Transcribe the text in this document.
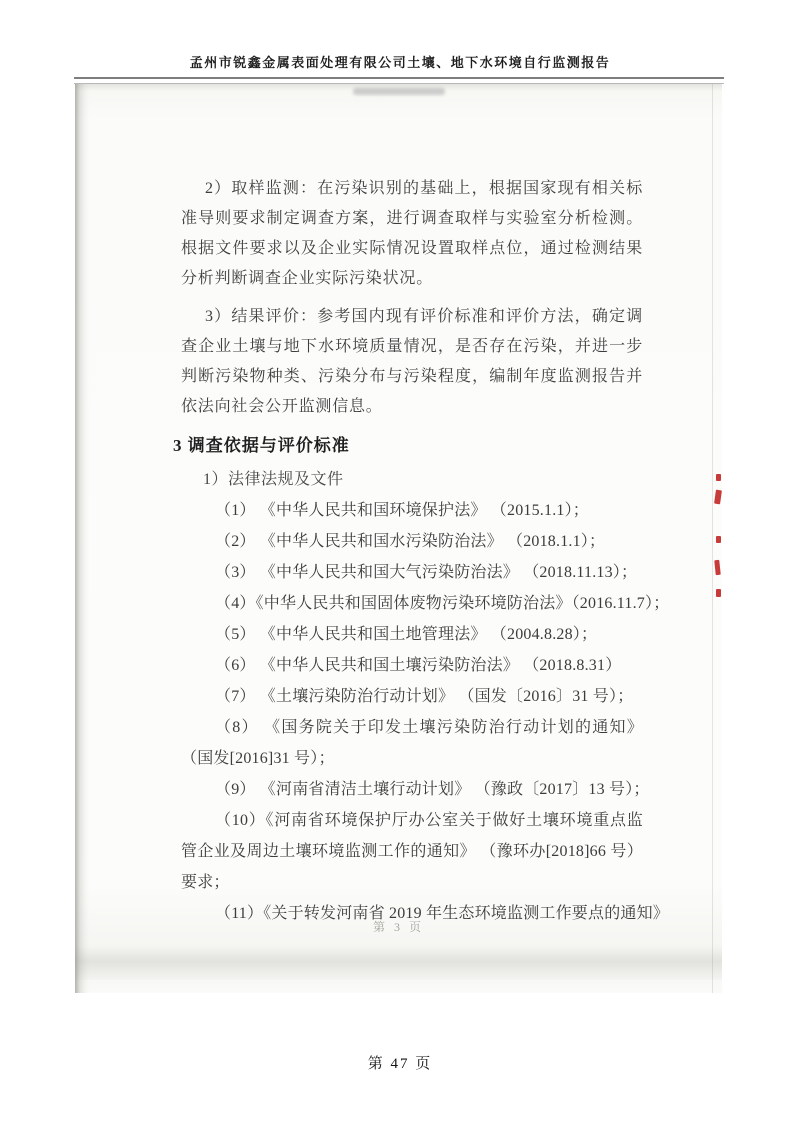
孟州市锐鑫金属表面处理有限公司土壤、地下水环境自行监测报告

2）取样监测：在污染识别的基础上，根据国家现有相关标准导则要求制定调查方案，进行调查取样与实验室分析检测。根据文件要求以及企业实际情况设置取样点位，通过检测结果分析判断调查企业实际污染状况。

3）结果评价：参考国内现有评价标准和评价方法，确定调查企业土壤与地下水环境质量情况，是否存在污染，并进一步判断污染物种类、污染分布与污染程度，编制年度监测报告并依法向社会公开监测信息。

3 调查依据与评价标准
1）法律法规及文件
（1） 《中华人民共和国环境保护法》 （2015.1.1）；
（2） 《中华人民共和国水污染防治法》 （2018.1.1）；
（3） 《中华人民共和国大气污染防治法》 （2018.11.13）；
（4）《中华人民共和国固体废物污染环境防治法》（2016.11.7）；
（5） 《中华人民共和国土地管理法》 （2004.8.28）；
（6） 《中华人民共和国土壤污染防治法》 （2018.8.31）
（7） 《土壤污染防治行动计划》 （国发〔2016〕31 号）；
（8） 《国务院关于印发土壤污染防治行动计划的通知》 （国发[2016]31 号）；
（9） 《河南省清洁土壤行动计划》 （豫政〔2017〕13 号）；
（10）《河南省环境保护厅办公室关于做好土壤环境重点监管企业及周边土壤环境监测工作的通知》 （豫环办[2018]66 号）要求；
（11）《关于转发河南省 2019 年生态环境监测工作要点的通知》
第 3 页
第 47 页
